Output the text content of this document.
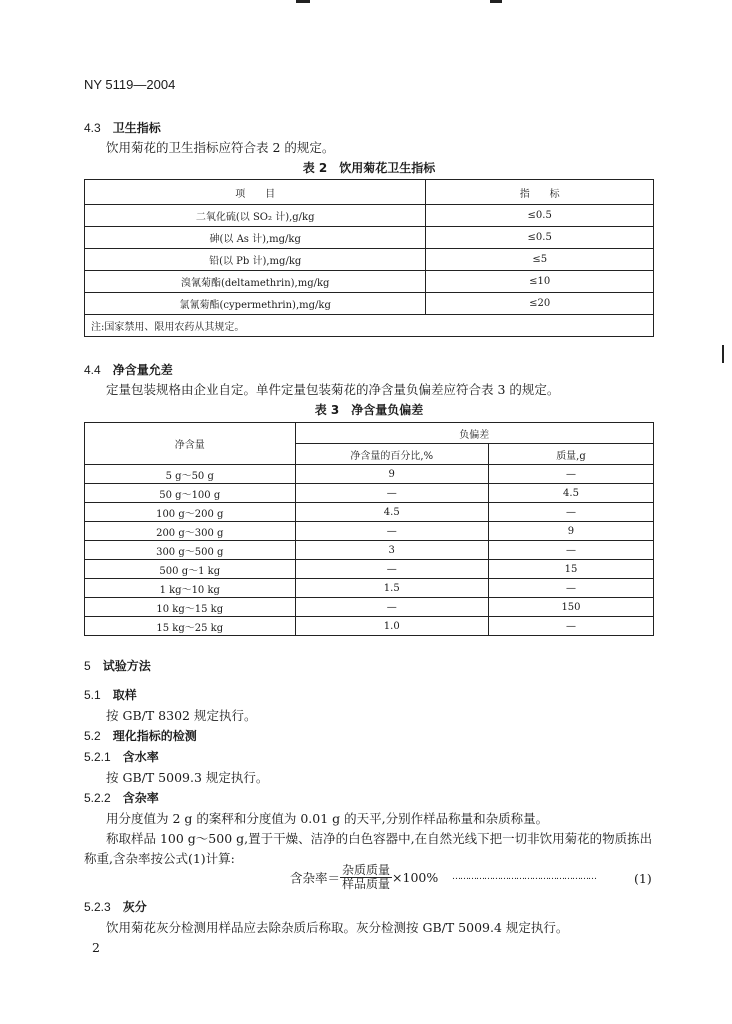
NY 5119—2004
4.3 卫生指标
饮用菊花的卫生指标应符合表 2 的规定。
表 2　饮用菊花卫生指标
项　　目	指　　标
二氧化硫(以 SO₂ 计),g/kg	≤0.5
砷(以 As 计),mg/kg	≤0.5
铅(以 Pb 计),mg/kg	≤5
溴氰菊酯(deltamethrin),mg/kg	≤10
氯氰菊酯(cypermethrin),mg/kg	≤20
注:国家禁用、限用农药从其规定。	
4.4 净含量允差
定量包装规格由企业自定。单件定量包装菊花的净含量负偏差应符合表 3 的规定。
表 3　净含量负偏差
净含量	负偏差	
	净含量的百分比,%	质量,g
5 g～50 g	9	—
50 g～100 g	—	4.5
100 g～200 g	4.5	—
200 g～300 g	—	9
300 g～500 g	3	—
500 g～1 kg	—	15
1 kg～10 kg	1.5	—
10 kg～15 kg	—	150
15 kg～25 kg	1.0	—
5 试验方法
5.1 取样
按 GB/T 8302 规定执行。
5.2 理化指标的检测
5.2.1 含水率
按 GB/T 5009.3 规定执行。
5.2.2 含杂率
用分度值为 2 g 的案秤和分度值为 0.01 g 的天平,分别作样品称量和杂质称量。
称取样品 100 g～500 g,置于干燥、洁净的白色容器中,在自然光线下把一切非饮用菊花的物质拣出
称重,含杂率按公式(1)计算:
含杂率＝ $\frac{\text{杂质质量}}{\text{样品质量}} \times 100\%$ ………………………………………………	(1)
5.2.3 灰分
饮用菊花灰分检测用样品应去除杂质后称取。灰分检测按 GB/T 5009.4 规定执行。
2
